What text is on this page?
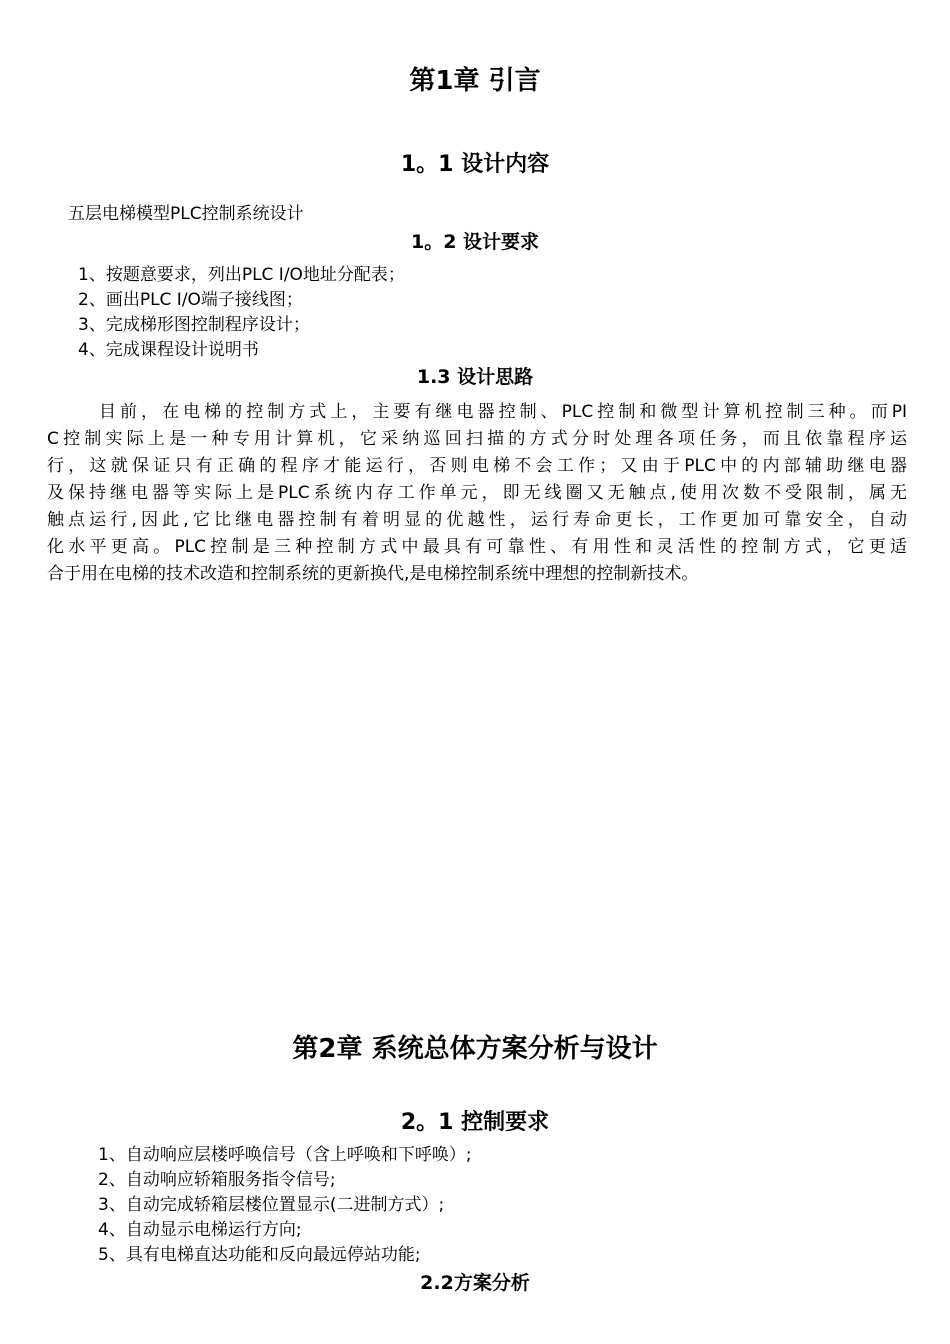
第1章 引言
1。1 设计内容
五层电梯模型PLC控制系统设计
1。2 设计要求
1、按题意要求，列出PLC I/O地址分配表；
2、画出PLC I/O端子接线图；
3、完成梯形图控制程序设计；
4、完成课程设计说明书
1.3 设计思路
目前，在电梯的控制方式上，主要有继电器控制、PLC控制和微型计算机控制三种。而PI
C控制实际上是一种专用计算机，它采纳巡回扫描的方式分时处理各项任务，而且依靠程序运
行，这就保证只有正确的程序才能运行，否则电梯不会工作；又由于PLC中的内部辅助继电器
及保持继电器等实际上是PLC系统内存工作单元，即无线圈又无触点,使用次数不受限制，属无
触点运行,因此,它比继电器控制有着明显的优越性，运行寿命更长，工作更加可靠安全，自动
化水平更高。PLC控制是三种控制方式中最具有可靠性、有用性和灵活性的控制方式，它更适
合于用在电梯的技术改造和控制系统的更新换代,是电梯控制系统中理想的控制新技术。
第2章 系统总体方案分析与设计
2。1 控制要求
1、自动响应层楼呼唤信号（含上呼唤和下呼唤）;
2、自动响应轿箱服务指令信号;
3、自动完成轿箱层楼位置显示(二进制方式）;
4、自动显示电梯运行方向;
5、具有电梯直达功能和反向最远停站功能;
2.2方案分析
